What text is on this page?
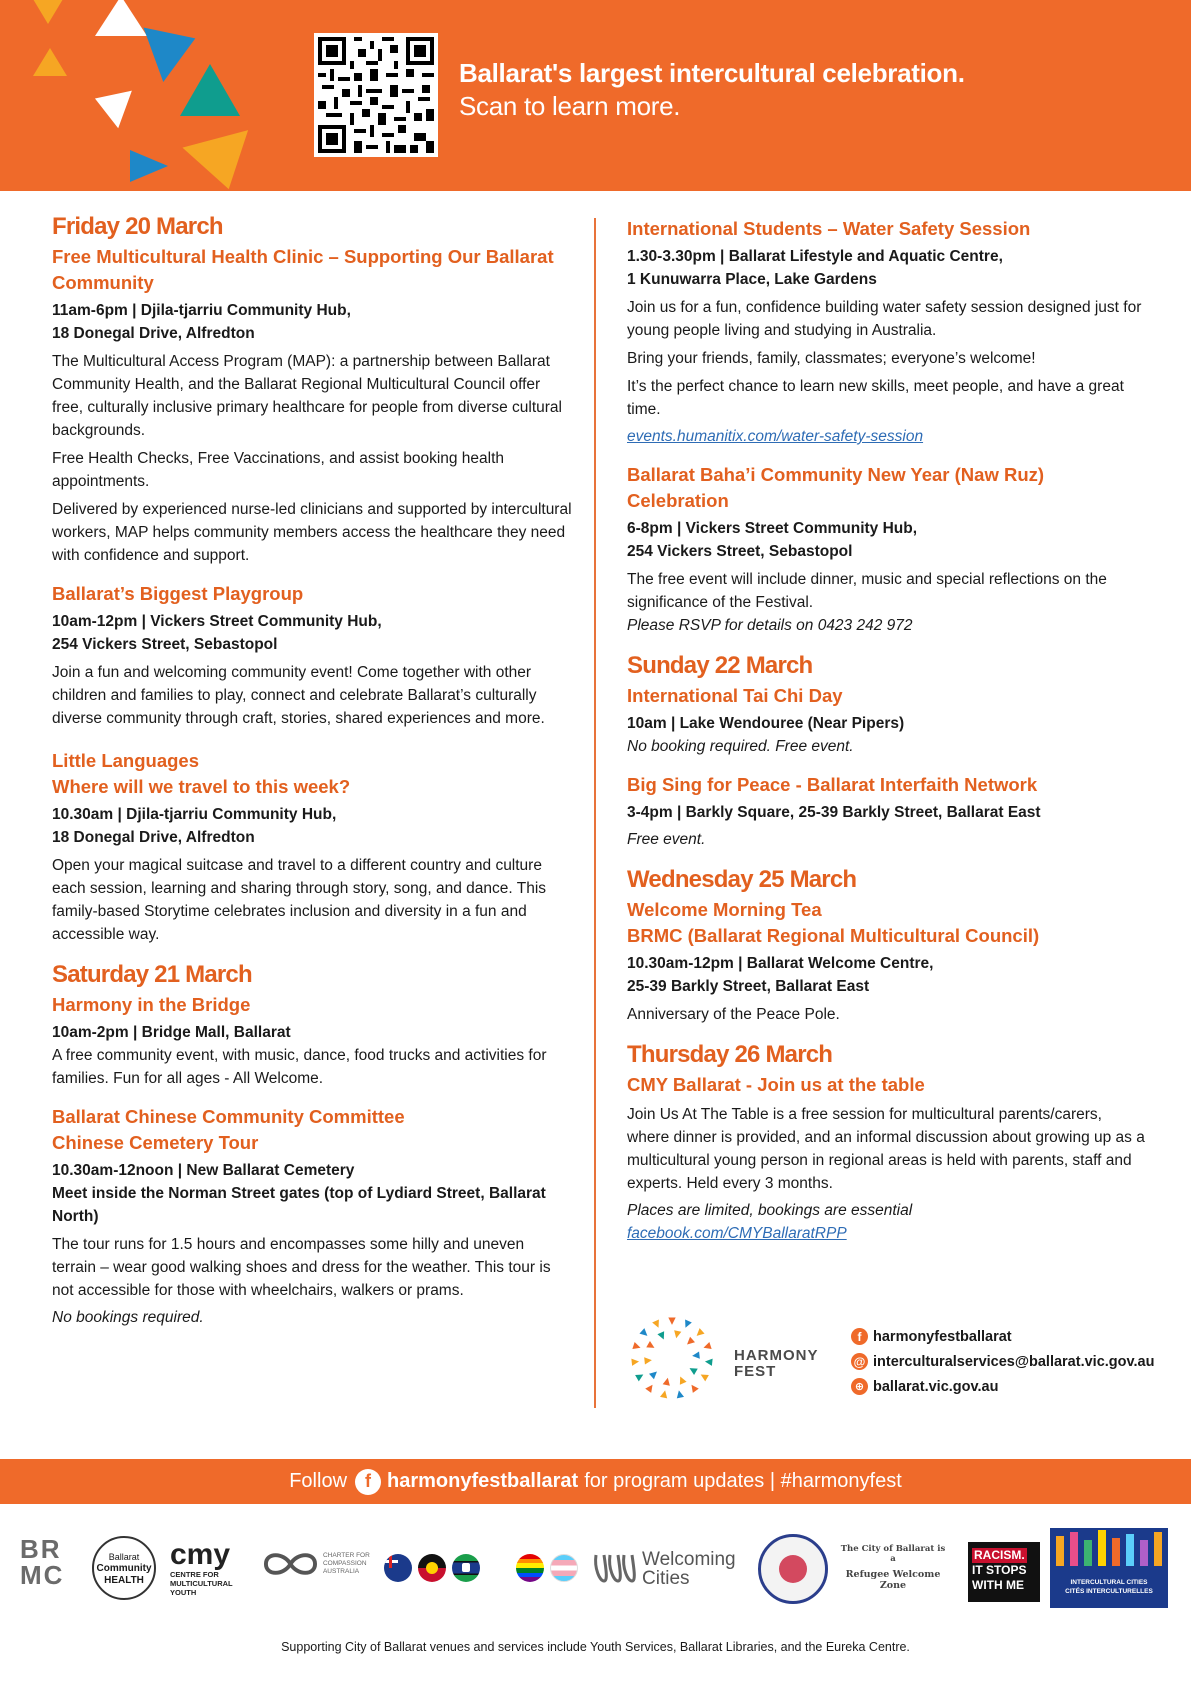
Ballarat's largest intercultural celebration.
Scan to learn more.
Friday 20 March
Free Multicultural Health Clinic – Supporting Our Ballarat Community
11am-6pm | Djila-tjarriu Community Hub,
18 Donegal Drive, Alfredton
The Multicultural Access Program (MAP): a partnership between Ballarat Community Health, and the Ballarat Regional Multicultural Council offer free, culturally inclusive primary healthcare for people from diverse cultural backgrounds.
Free Health Checks, Free Vaccinations, and assist booking health appointments.
Delivered by experienced nurse-led clinicians and supported by intercultural workers, MAP helps community members access the healthcare they need with confidence and support.
Ballarat’s Biggest Playgroup
10am-12pm | Vickers Street Community Hub,
254 Vickers Street, Sebastopol
Join a fun and welcoming community event! Come together with other children and families to play, connect and celebrate Ballarat’s culturally diverse community through craft, stories, shared experiences and more.
Little Languages
Where will we travel to this week?
10.30am | Djila-tjarriu Community Hub,
18 Donegal Drive, Alfredton
Open your magical suitcase and travel to a different country and culture each session, learning and sharing through story, song, and dance. This family-based Storytime celebrates inclusion and diversity in a fun and accessible way.
Saturday 21 March
Harmony in the Bridge
10am-2pm | Bridge Mall, Ballarat
A free community event, with music, dance, food trucks and activities for families. Fun for all ages - All Welcome.
Ballarat Chinese Community Committee
Chinese Cemetery Tour
10.30am-12noon | New Ballarat Cemetery
Meet inside the Norman Street gates (top of Lydiard Street, Ballarat North)
The tour runs for 1.5 hours and encompasses some hilly and uneven terrain – wear good walking shoes and dress for the weather. This tour is not accessible for those with wheelchairs, walkers or prams.
No bookings required.
International Students – Water Safety Session
1.30-3.30pm | Ballarat Lifestyle and Aquatic Centre,
1 Kunuwarra Place, Lake Gardens
Join us for a fun, confidence building water safety session designed just for young people living and studying in Australia.
Bring your friends, family, classmates; everyone’s welcome!
It’s the perfect chance to learn new skills, meet people, and have a great time.
events.humanitix.com/water-safety-session
Ballarat Baha’i Community New Year (Naw Ruz) Celebration
6-8pm | Vickers Street Community Hub,
254 Vickers Street, Sebastopol
The free event will include dinner, music and special reflections on the significance of the Festival.
Please RSVP for details on 0423 242 972
Sunday 22 March
International Tai Chi Day
10am | Lake Wendouree (Near Pipers)
No booking required. Free event.
Big Sing for Peace - Ballarat Interfaith Network
3-4pm | Barkly Square, 25-39 Barkly Street, Ballarat East
Free event.
Wednesday 25 March
Welcome Morning Tea
BRMC (Ballarat Regional Multicultural Council)
10.30am-12pm | Ballarat Welcome Centre,
25-39 Barkly Street, Ballarat East
Anniversary of the Peace Pole.
Thursday 26 March
CMY Ballarat - Join us at the table
Join Us At The Table is a free session for multicultural parents/carers, where dinner is provided, and an informal discussion about growing up as a multicultural young person in regional areas is held with parents, staff and experts. Held every 3 months.
Places are limited, bookings are essential
facebook.com/CMYBallaratRPP
HARMONY
FEST
f harmonyfestballarat
@ interculturalservices@ballarat.vic.gov.au
⊕ ballarat.vic.gov.au
Follow	f harmonyfestballarat for program updates | #harmonyfest
BR
MC
Ballarat
Community
HEALTH
cmy
CENTRE FOR MULTICULTURAL YOUTH
CHARTER FOR COMPASSION AUSTRALIA
Welcoming
Cities
The City of Ballarat is a
Refugee Welcome Zone
RACISM.
IT STOPS
WITH ME	INTERCULTURAL CITIES
CITÉS INTERCULTURELLES
Supporting City of Ballarat venues and services include Youth Services, Ballarat Libraries, and the Eureka Centre.
